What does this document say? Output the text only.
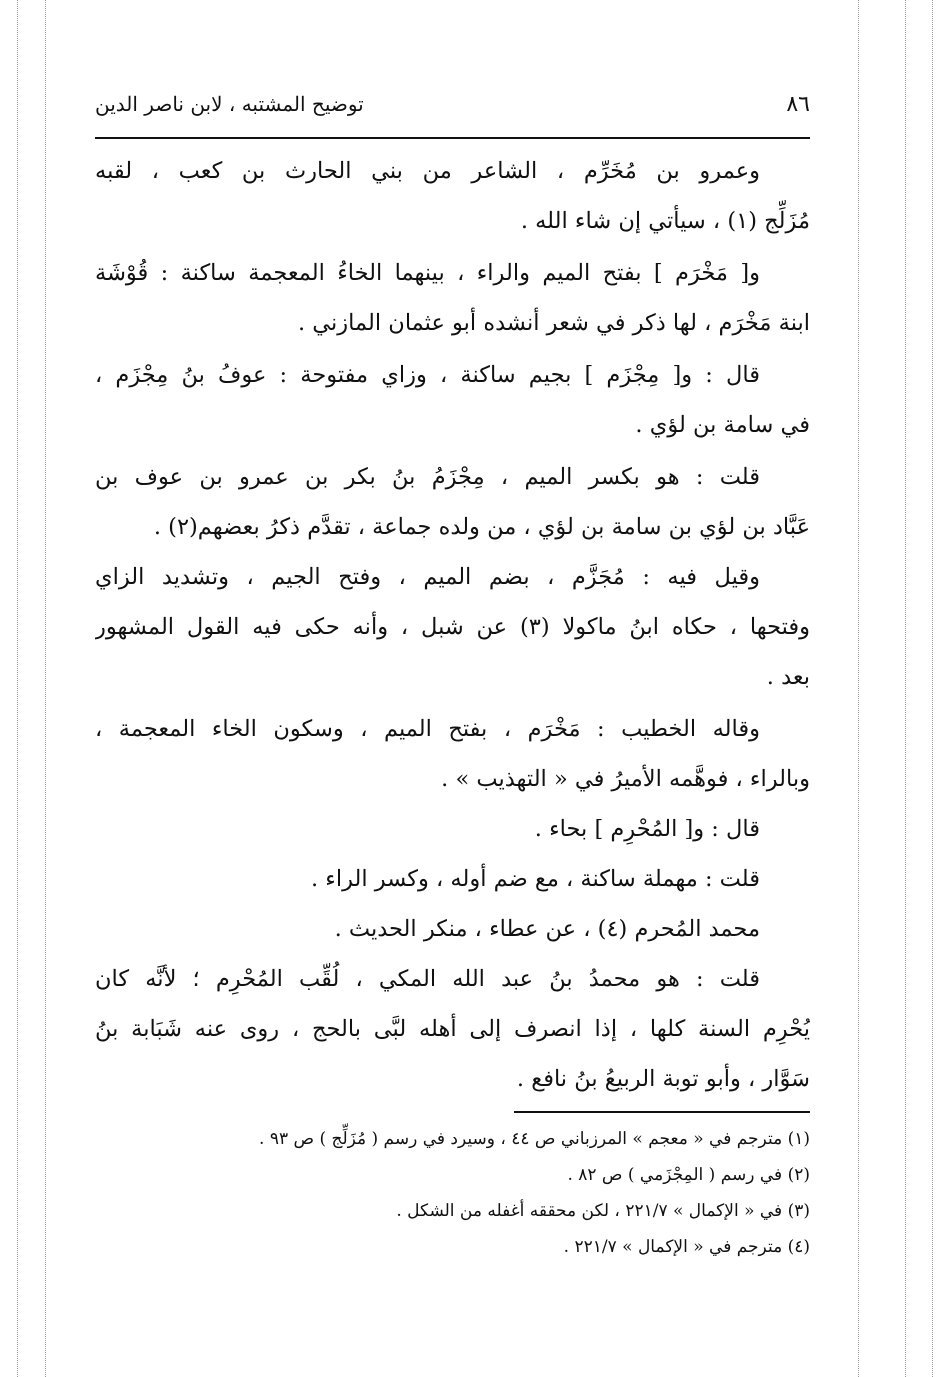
٨٦
توضيح المشتبه ، لابن ناصر الدين
وعمرو بن مُخَرِّم ، الشاعر من بني الحارث بن كعب ، لقبه
مُزَلِّج (١) ، سيأتي إن شاء الله .
و[ مَخْرَم ] بفتح الميم والراء ، بينهما الخاءُ المعجمة ساكنة : قُوْشَة
ابنة مَخْرَم ، لها ذكر في شعر أنشده أبو عثمان المازني .
قال : و[ مِجْزَم ] بجيم ساكنة ، وزاي مفتوحة : عوفُ بنُ مِجْزَم ،
في سامة بن لؤي .
قلت : هو بكسر الميم ، مِجْزَمُ بنُ بكر بن عمرو بن عوف بن
عَبَّاد بن لؤي بن سامة بن لؤي ، من ولده جماعة ، تقدَّم ذكرُ بعضهم(٢) .
وقيل فيه : مُجَزَّم ، بضم الميم ، وفتح الجيم ، وتشديد الزاي
وفتحها ، حكاه ابنُ ماكولا (٣) عن شبل ، وأنه حكى فيه القول المشهور
بعد .
وقاله الخطيب : مَخْرَم ، بفتح الميم ، وسكون الخاء المعجمة ،
وبالراء ، فوهَّمه الأميرُ في « التهذيب » .
قال : و[ المُحْرِم ] بحاء .
قلت : مهملة ساكنة ، مع ضم أوله ، وكسر الراء .
محمد المُحرم (٤) ، عن عطاء ، منكر الحديث .
قلت : هو محمدُ بنُ عبد الله المكي ، لُقِّب المُحْرِم ؛ لأنَّه كان
يُحْرِم السنة كلها ، إذا انصرف إلى أهله لبَّى بالحج ، روى عنه شَبَابة بنُ
سَوَّار ، وأبو توبة الربيعُ بنُ نافع .
(١) مترجم في « معجم » المرزباني ص ٤٤ ، وسيرد في رسم ( مُزَلِّج ) ص ٩٣ .
(٢) في رسم ( المِجْزَمي ) ص ٨٢ .
(٣) في « الإكمال » ٢٢١/٧ ، لكن محققه أغفله من الشكل .
(٤) مترجم في « الإكمال » ٢٢١/٧ .
